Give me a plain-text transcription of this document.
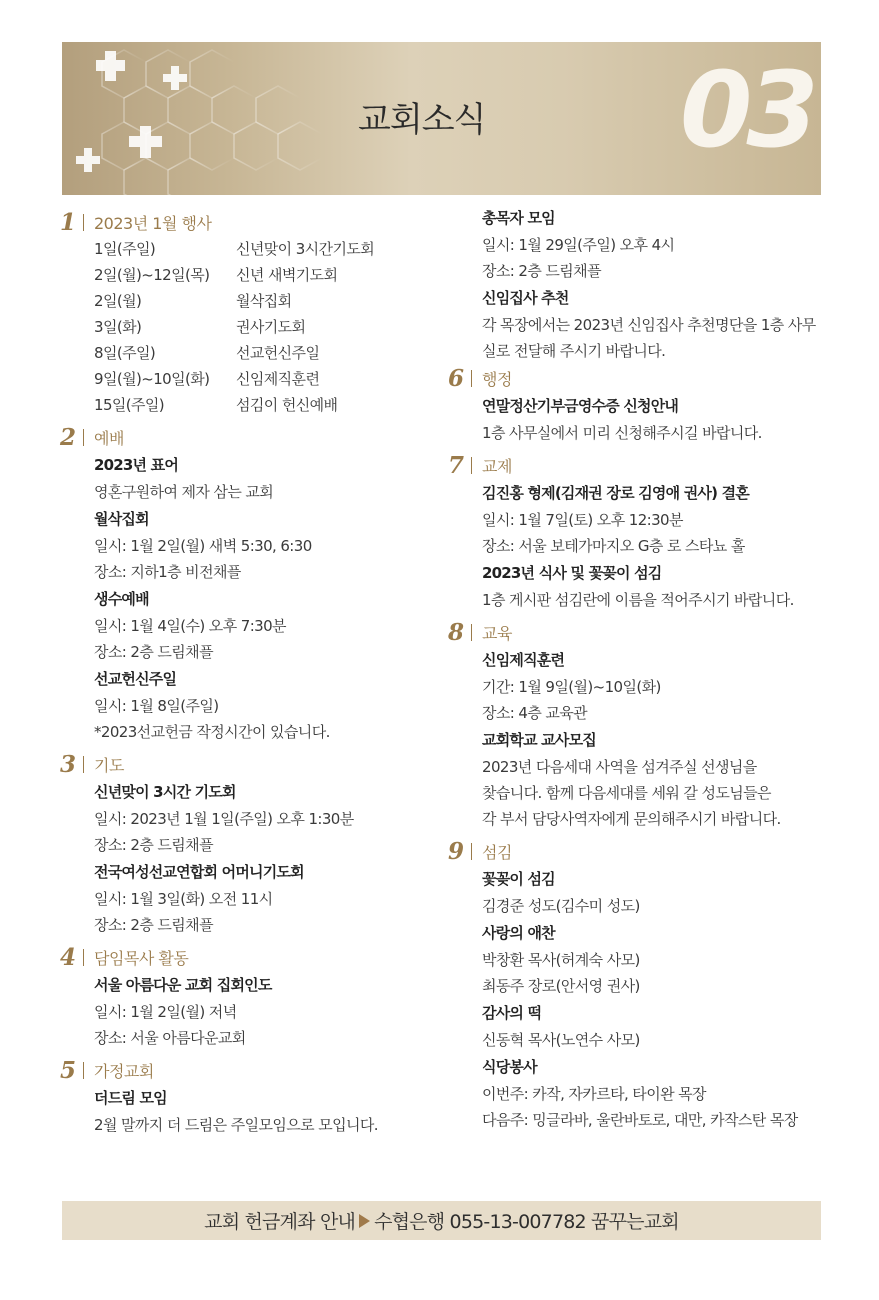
교회소식 03
1 2023년 1월 행사
1일(주일)	신년맞이 3시간기도회
2일(월)~12일(목)	신년 새벽기도회
2일(월)	월삭집회
3일(화)	권사기도회
8일(주일)	선교헌신주일
9일(월)~10일(화)	신임제직훈련
15일(주일)	섬김이 헌신예배
2 예배
2023년 표어
영혼구원하여 제자 삼는 교회
월삭집회
일시: 1월 2일(월) 새벽 5:30, 6:30
장소: 지하1층 비전채플
생수예배
일시: 1월 4일(수) 오후 7:30분
장소: 2층 드림채플
선교헌신주일
일시: 1월 8일(주일)
*2023선교헌금 작정시간이 있습니다.
3 기도
신년맞이 3시간 기도회
일시: 2023년 1월 1일(주일) 오후 1:30분
장소: 2층 드림채플
전국여성선교연합회 어머니기도회
일시: 1월 3일(화) 오전 11시
장소: 2층 드림채플
4 담임목사 활동
서울 아름다운 교회 집회인도
일시: 1월 2일(월) 저녁
장소: 서울 아름다운교회
5 가정교회
더드림 모임
2월 말까지 더 드림은 주일모임으로 모입니다.
총목자 모임
일시: 1월 29일(주일) 오후 4시
장소: 2층 드림채플
신임집사 추천
각 목장에서는 2023년 신임집사 추천명단을 1층 사무
실로 전달해 주시기 바랍니다.
6 행정
연말정산기부금영수증 신청안내
1층 사무실에서 미리 신청해주시길 바랍니다.
7 교제
김진홍 형제(김재권 장로 김영애 권사) 결혼
일시: 1월 7일(토) 오후 12:30분
장소: 서울 보테가마지오 G층 로 스타뇨 홀
2023년 식사 및 꽃꽂이 섬김
1층 게시판 섬김란에 이름을 적어주시기 바랍니다.
8 교육
신임제직훈련
기간: 1월 9일(월)~10일(화)
장소: 4층 교육관
교회학교 교사모집
2023년 다음세대 사역을 섬겨주실 선생님을
찾습니다. 함께 다음세대를 세워 갈 성도님들은
각 부서 담당사역자에게 문의해주시기 바랍니다.
9 섬김
꽃꽂이 섬김
김경준 성도(김수미 성도)
사랑의 애찬
박창환 목사(허계숙 사모)
최동주 장로(안서영 권사)
감사의 떡
신동혁 목사(노연수 사모)
식당봉사
이번주: 카작, 자카르타, 타이완 목장
다음주: 밍글라바, 울란바토로, 대만, 카작스탄 목장
교회 헌금계좌 안내 수협은행 055-13-007782 꿈꾸는교회
